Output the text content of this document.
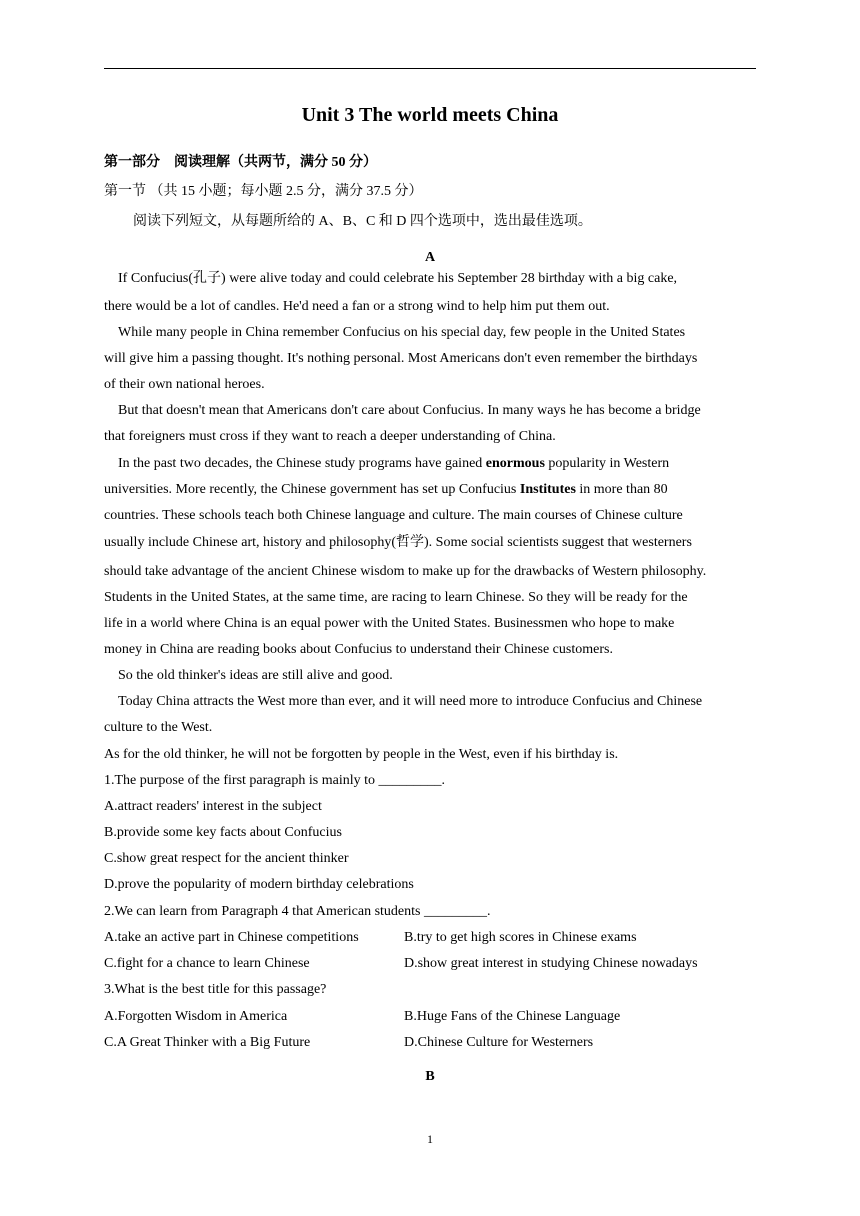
Unit 3 The world meets China
第一部分　阅读理解（共两节，满分 50 分）
第一节 （共 15 小题；每小题 2.5 分，满分 37.5 分）
阅读下列短文，从每题所给的 A、B、C 和 D 四个选项中，选出最佳选项。
A
If Confucius(孔子) were alive today and could celebrate his September 28 birthday with a big cake,
there would be a lot of candles. He'd need a fan or a strong wind to help him put them out.
While many people in China remember Confucius on his special day, few people in the United States
will give him a passing thought. It's nothing personal. Most Americans don't even remember the birthdays
of their own national heroes.
But that doesn't mean that Americans don't care about Confucius. In many ways he has become a bridge
that foreigners must cross if they want to reach a deeper understanding of China.
In the past two decades, the Chinese study programs have gained enormous popularity in Western
universities. More recently, the Chinese government has set up Confucius Institutes in more than 80
countries. These schools teach both Chinese language and culture. The main courses of Chinese culture
usually include Chinese art, history and philosophy(哲学). Some social scientists suggest that westerners
should take advantage of the ancient Chinese wisdom to make up for the drawbacks of Western philosophy.
Students in the United States, at the same time, are racing to learn Chinese. So they will be ready for the
life in a world where China is an equal power with the United States. Businessmen who hope to make
money in China are reading books about Confucius to understand their Chinese customers.
So the old thinker's ideas are still alive and good.
Today China attracts the West more than ever, and it will need more to introduce Confucius and Chinese
culture to the West.
As for the old thinker, he will not be forgotten by people in the West, even if his birthday is.
1.The purpose of the first paragraph is mainly to _________.
A.attract readers' interest in the subject
B.provide some key facts about Confucius
C.show great respect for the ancient thinker
D.prove the popularity of modern birthday celebrations
2.We can learn from Paragraph 4 that American students _________.
A.take an active part in Chinese competitions	B.try to get high scores in Chinese exams
C.fight for a chance to learn Chinese	D.show great interest in studying Chinese nowadays
3.What is the best title for this passage?
A.Forgotten Wisdom in America	B.Huge Fans of the Chinese Language
C.A Great Thinker with a Big Future	D.Chinese Culture for Westerners
B
1
